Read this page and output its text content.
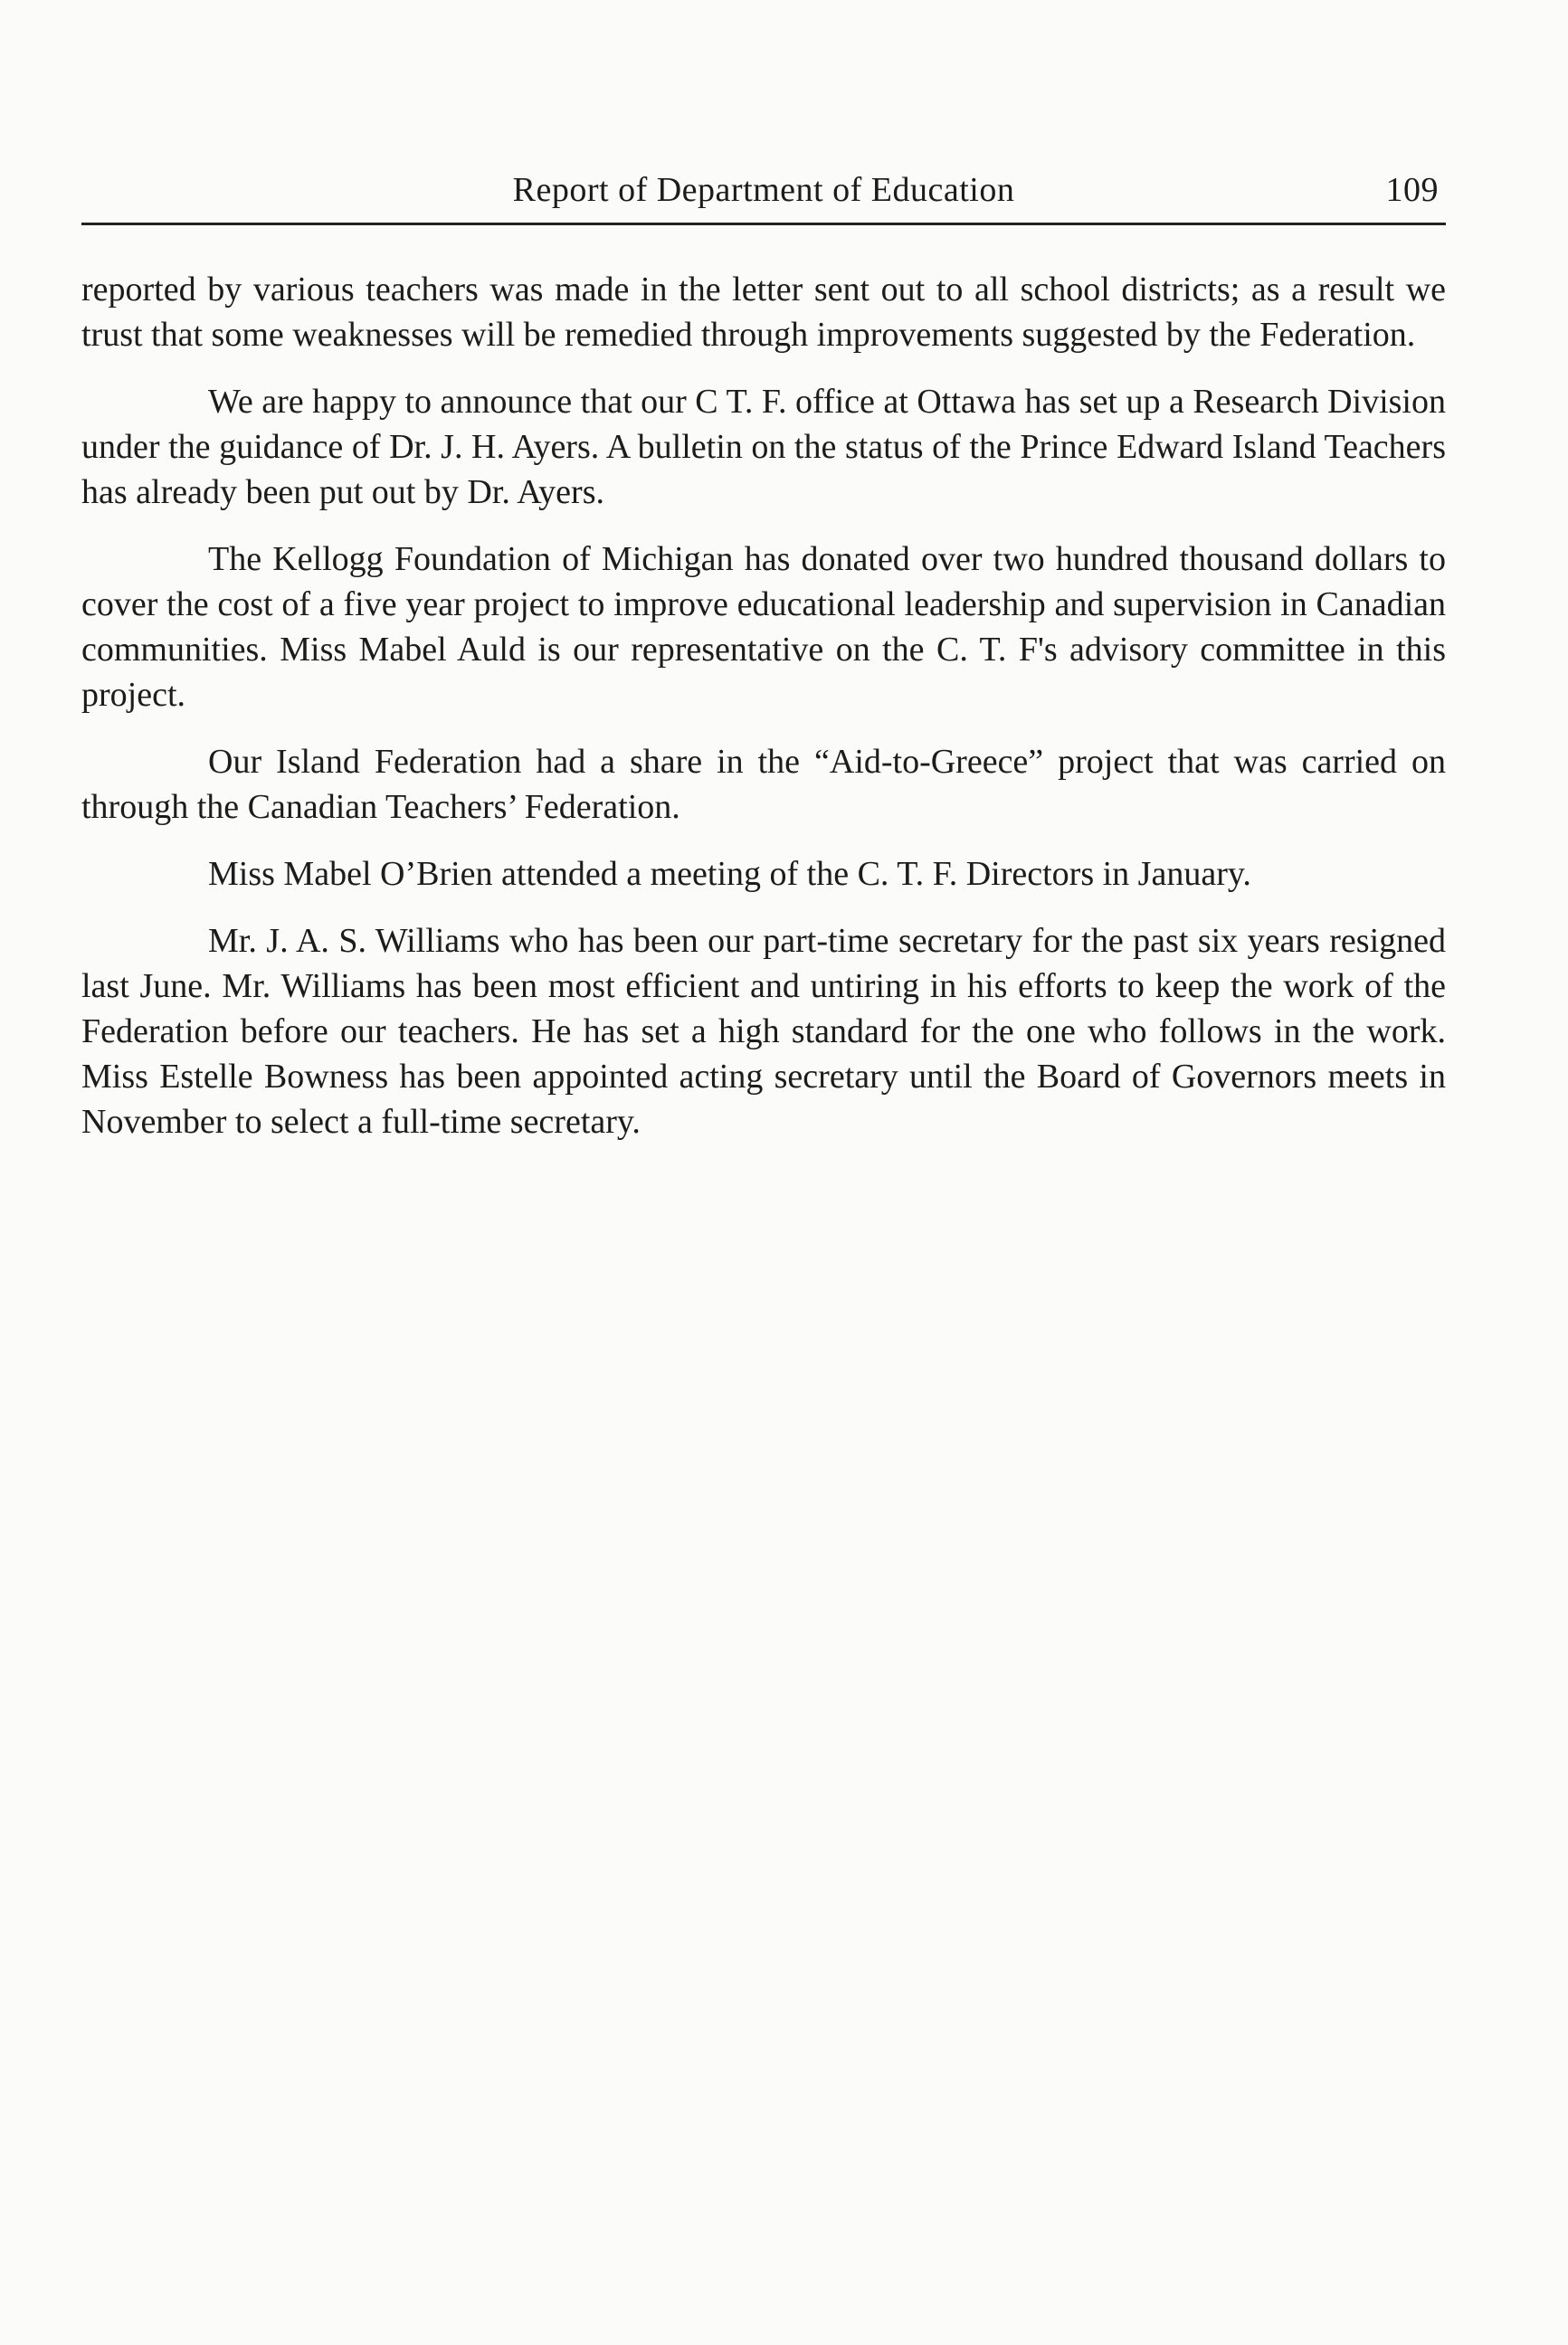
Report of Department of Education	109

reported by various teachers was made in the letter sent out to all school districts; as a result we trust that some weaknesses will be remedied through improvements suggested by the Federation.

We are happy to announce that our C T. F. office at Ottawa has set up a Research Division under the guidance of Dr. J. H. Ayers. A bulletin on the status of the Prince Edward Island Teachers has already been put out by Dr. Ayers.

The Kellogg Foundation of Michigan has donated over two hundred thousand dollars to cover the cost of a five year project to improve educational leadership and supervision in Canadian communities. Miss Mabel Auld is our representative on the C. T. F's advisory committee in this project.

Our Island Federation had a share in the “Aid-to-Greece” project that was carried on through the Canadian Teachers’ Federation.

Miss Mabel O’Brien attended a meeting of the C. T. F. Directors in January.

Mr. J. A. S. Williams who has been our part-time secretary for the past six years resigned last June. Mr. Williams has been most efficient and untiring in his efforts to keep the work of the Federation before our teachers. He has set a high standard for the one who follows in the work. Miss Estelle Bowness has been appointed acting secretary until the Board of Governors meets in November to select a full-time secretary.
